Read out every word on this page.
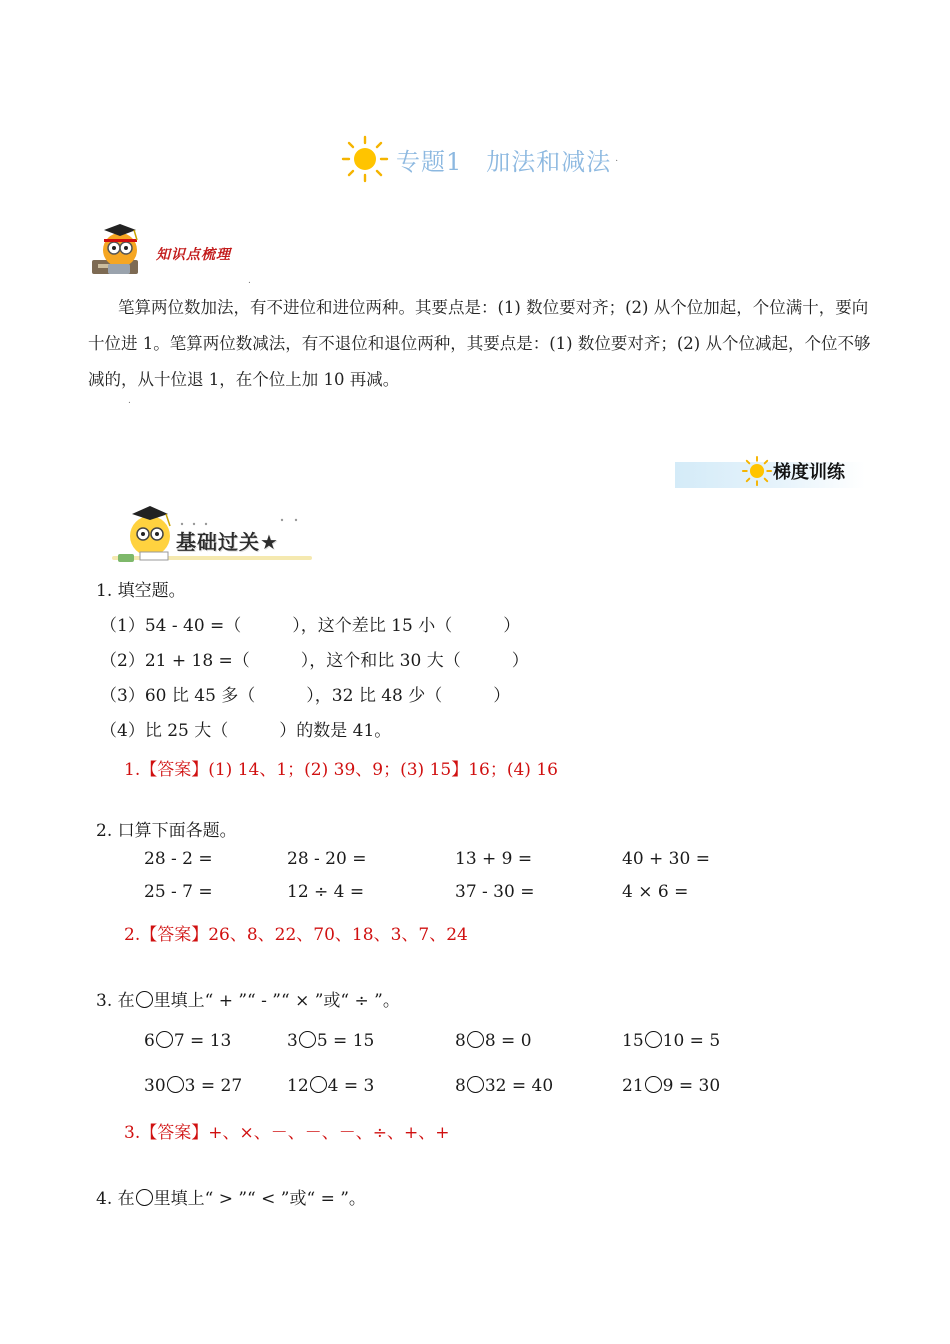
专题1 加法和减法 .
知识点梳理
.
笔算两位数加法，有不进位和进位两种。其要点是：(1) 数位要对齐；(2) 从个位加起，个位满十，要向十位进 1。笔算两位数减法，有不退位和退位两种，其要点是：(1) 数位要对齐；(2) 从个位减起，个位不够减的，从十位退 1，在个位上加 10 再减。
.
梯度训练
基础过关★
1. 填空题。
（1）54 - 40 =（　　　），这个差比 15 小（　　　）
（2）21 + 18 =（　　　），这个和比 30 大（　　　）
（3）60 比 45 多（　　　），32 比 48 少（　　　）
（4）比 25 大（　　　）的数是 41。
1.【答案】(1) 14、1；(2) 39、9；(3) 15】16；(4) 16
2. 口算下面各题。
28 - 2 =	28 - 20 =	13 + 9 =	40 + 30 =
25 - 7 =	12 ÷ 4 =	37 - 30 =	4 × 6 =
2.【答案】26、8、22、70、18、3、7、24
3. 在 里填上“ + ”“ - ”“ × ”或“ ÷ ”。
6 7 = 13	3 5 = 15	8 8 = 0	15 10 = 5
30 3 = 27	12 4 = 3	8 32 = 40	21 9 = 30
3.【答案】+、×、－、－、－、÷、+、+
4. 在 里填上“ > ”“ < ”或“ = ”。
